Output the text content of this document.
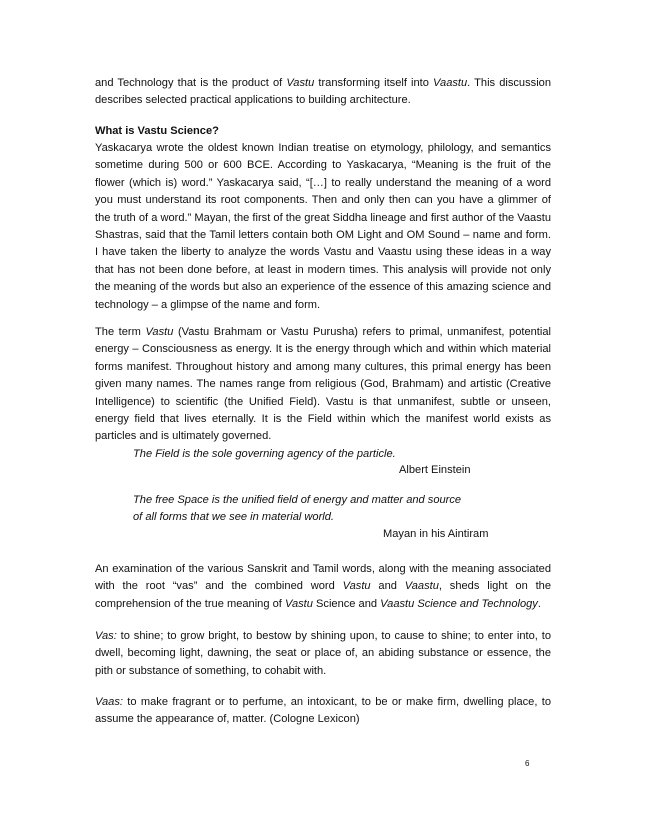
and Technology that is the product of Vastu transforming itself into Vaastu. This discussion describes selected practical applications to building architecture.

What is Vastu Science?

Yaskacarya wrote the oldest known Indian treatise on etymology, philology, and semantics sometime during 500 or 600 BCE. According to Yaskacarya, “Meaning is the fruit of the flower (which is) word.” Yaskacarya said, “[…] to really understand the meaning of a word you must understand its root components. Then and only then can you have a glimmer of the truth of a word.” Mayan, the first of the great Siddha lineage and first author of the Vaastu Shastras, said that the Tamil letters contain both OM Light and OM Sound – name and form. I have taken the liberty to analyze the words Vastu and Vaastu using these ideas in a way that has not been done before, at least in modern times. This analysis will provide not only the meaning of the words but also an experience of the essence of this amazing science and technology – a glimpse of the name and form.

The term Vastu (Vastu Brahmam or Vastu Purusha) refers to primal, unmanifest, potential energy – Consciousness as energy. It is the energy through which and within which material forms manifest. Throughout history and among many cultures, this primal energy has been given many names. The names range from religious (God, Brahmam) and artistic (Creative Intelligence) to scientific (the Unified Field). Vastu is that unmanifest, subtle or unseen, energy field that lives eternally. It is the Field within which the manifest world exists as particles and is ultimately governed.

The Field is the sole governing agency of the particle.

Albert Einstein

The free Space is the unified field of energy and matter and source

of all forms that we see in material world.

Mayan in his Aintiram

An examination of the various Sanskrit and Tamil words, along with the meaning associated with the root “vas” and the combined word Vastu and Vaastu, sheds light on the comprehension of the true meaning of Vastu Science and Vaastu Science and Technology.

Vas: to shine; to grow bright, to bestow by shining upon, to cause to shine; to enter into, to dwell, becoming light, dawning, the seat or place of, an abiding substance or essence, the pith or substance of something, to cohabit with.

Vaas: to make fragrant or to perfume, an intoxicant, to be or make firm, dwelling place, to assume the appearance of, matter. (Cologne Lexicon)

6
